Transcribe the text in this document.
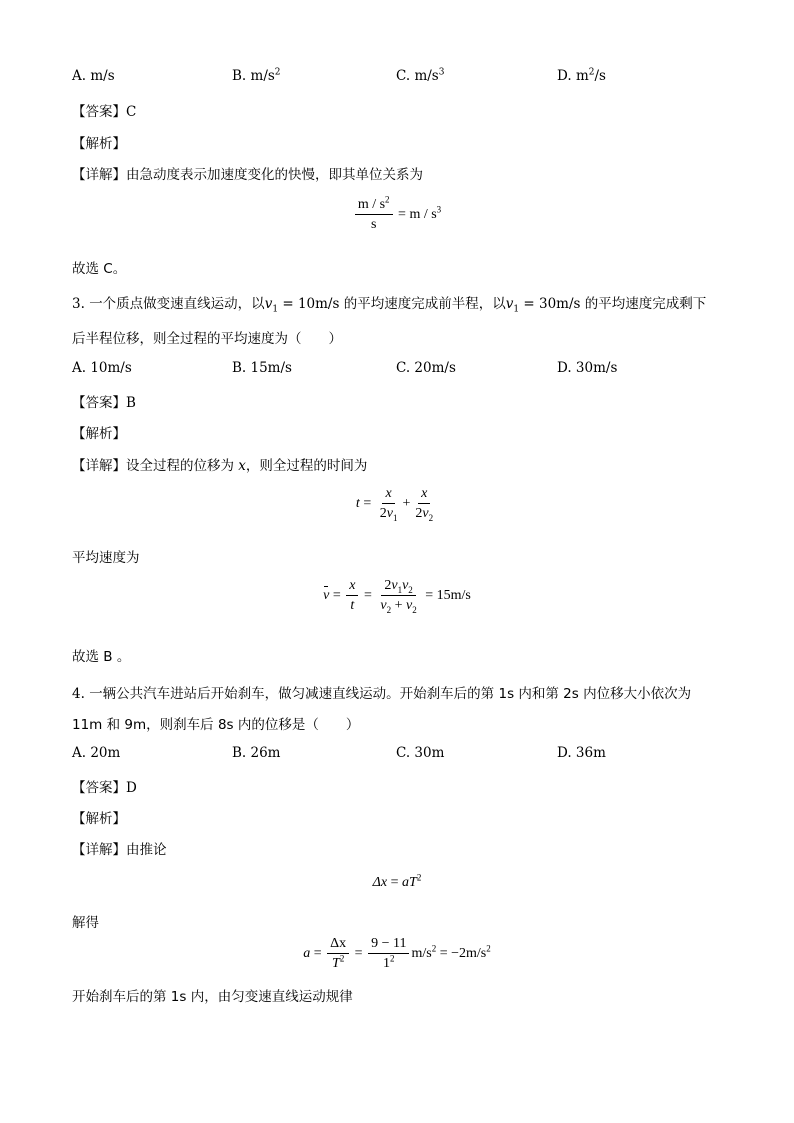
A. m/s	B. $m/s^2$	C. $m/s^3$	D. $m^2/s$
【答案】C
【解析】
【详解】由急动度表示加速度变化的快慢，即其单位关系为
$\frac{m / s^2}{s} = m / s^3$
故选 C。
3. 一个质点做变速直线运动，以$v_1 = 10m/s$ 的平均速度完成前半程，以$v_1 = 30m/s$ 的平均速度完成剩下
后半程位移，则全过程的平均速度为（　　）
A. 10m/s	B. 15m/s	C. 20m/s	D. 30m/s
【答案】B
【解析】
【详解】设全过程的位移为 x，则全过程的时间为
$t = \frac{x}{2v_1} + \frac{x}{2v_2}$
平均速度为
$v = \frac{x}{t} = \frac{2v_1v_2}{v_2 + v_2} = 15m/s$
故选 B 。
4. 一辆公共汽车进站后开始刹车，做匀减速直线运动。开始刹车后的第 1s 内和第 2s 内位移大小依次为
11m 和 9m，则刹车后 8s 内的位移是（　　）
A. 20m	B. 26m	C. 30m	D. 36m
【答案】D
【解析】
【详解】由推论
$\Delta x = aT^2$
解得
$a = \frac{\Delta x}{T^2} = \frac{9 - 11}{1^2} m/s^2 = -2m/s^2$
开始刹车后的第 1s 内，由匀变速直线运动规律
